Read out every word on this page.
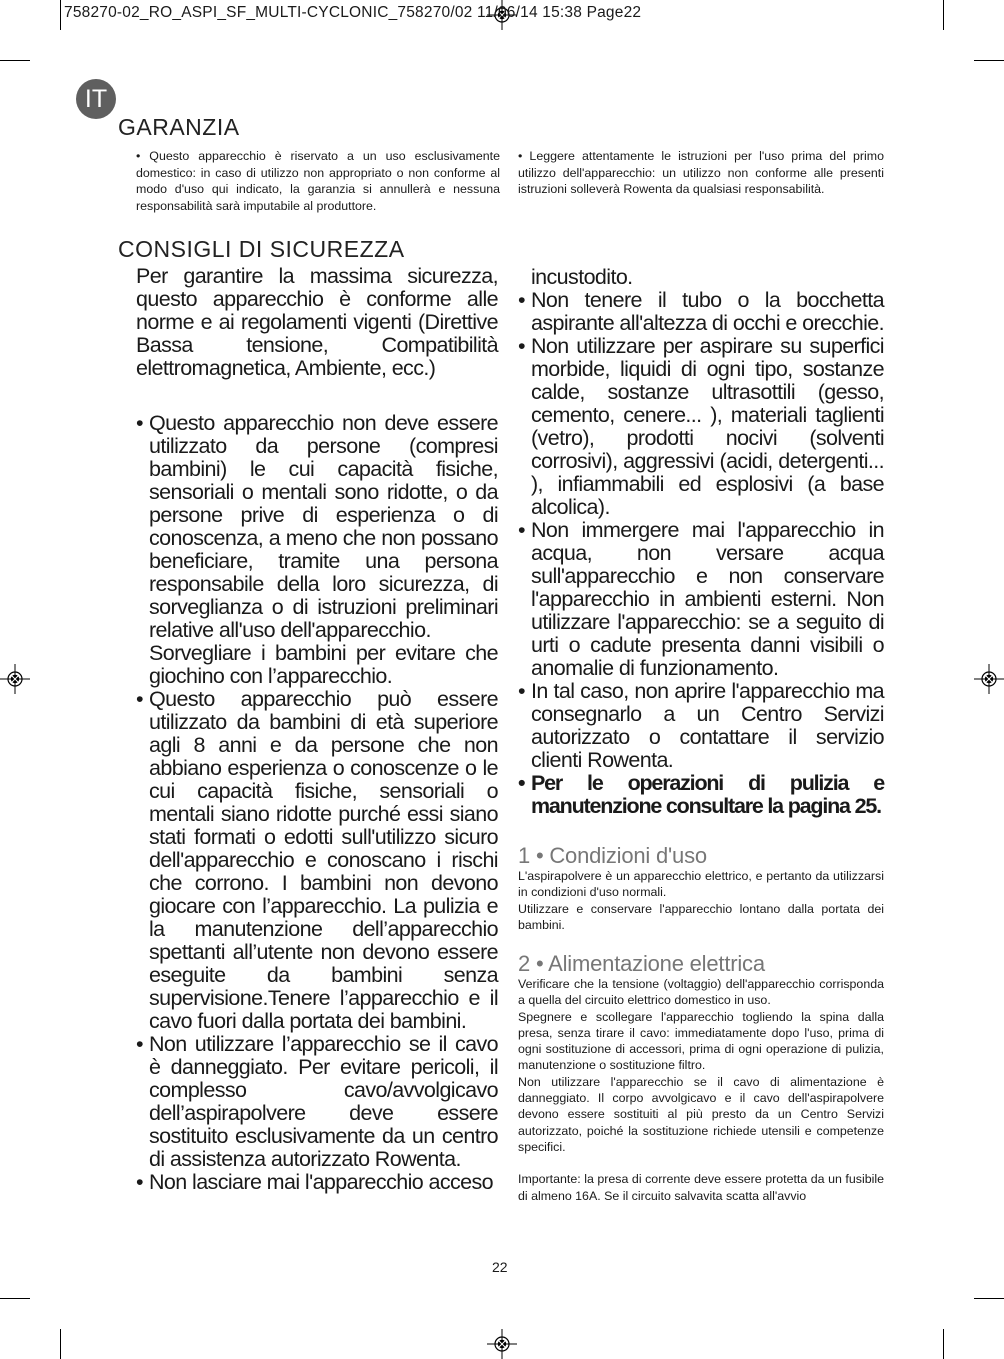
758270-02_RO_ASPI_SF_MULTI-CYCLONIC_758270/02 11/06/14 15:38 Page22
IT
GARANZIA
• Questo apparecchio è riservato a un uso esclusivamente domestico: in caso di utilizzo non appropriato o non conforme al modo d'uso qui indicato, la garanzia si annullerà e nessuna responsabilità sarà imputabile al produttore.
• Leggere attentamente le istruzioni per l'uso prima del primo utilizzo dell'apparecchio: un utilizzo non conforme alle presenti istruzioni solleverà Rowenta da qualsiasi responsabilità.
CONSIGLI DI SICUREZZA

Per garantire la massima sicurezza, questo apparecchio è conforme alle norme e ai regolamenti vigenti (Direttive Bassa tensione, Compatibilità elettromagnetica, Ambiente, ecc.)

• Questo apparecchio non deve essere utilizzato da persone (compresi bambini) le cui capacità fisiche, sensoriali o mentali sono ridotte, o da persone prive di esperienza o di conoscenza, a meno che non possano beneficiare, tramite una persona responsabile della loro sicurezza, di sorveglianza o di istruzioni preliminari relative all'uso dell'apparecchio.

Sorvegliare i bambini per evitare che giochino con l’apparecchio.

• Questo apparecchio può essere utilizzato da bambini di età superiore agli 8 anni e da persone che non abbiano esperienza o conoscenze o le cui capacità fisiche, sensoriali o mentali siano ridotte purché essi siano stati formati o edotti sull'utilizzo sicuro dell'apparecchio e conoscano i rischi che corrono. I bambini non devono giocare con l’apparecchio. La pulizia e la manutenzione dell’apparecchio spettanti all’utente non devono essere eseguite da bambini senza supervisione.Tenere l’apparecchio e il cavo fuori dalla portata dei bambini.

• Non utilizzare l’apparecchio se il cavo è danneggiato. Per evitare pericoli, il complesso cavo/avvolgicavo dell’aspirapolvere deve essere sostituito esclusivamente da un centro di assistenza autorizzato Rowenta.

• Non lasciare mai l'apparecchio acceso

incustodito.

• Non tenere il tubo o la bocchetta aspirante all'altezza di occhi e orecchie.

• Non utilizzare per aspirare su superfici morbide, liquidi di ogni tipo, sostanze calde, sostanze ultrasottili (gesso, cemento, cenere... ), materiali taglienti (vetro), prodotti nocivi (solventi corrosivi), aggressivi (acidi, detergenti... ), infiammabili ed esplosivi (a base alcolica).

• Non immergere mai l'apparecchio in acqua, non versare acqua sull'apparecchio e non conservare l'apparecchio in ambienti esterni. Non utilizzare l'apparecchio: se a seguito di urti o cadute presenta danni visibili o anomalie di funzionamento.

• In tal caso, non aprire l'apparecchio ma consegnarlo a un Centro Servizi autorizzato o contattare il servizio clienti Rowenta.

• Per le operazioni di pulizia e manutenzione consultare la pagina 25.

1 • Condizioni d'uso

L'aspirapolvere è un apparecchio elettrico, e pertanto da utilizzarsi in condizioni d'uso normali.

Utilizzare e conservare l'apparecchio lontano dalla portata dei bambini.

2 • Alimentazione elettrica

Verificare che la tensione (voltaggio) dell'apparecchio corrisponda a quella del circuito elettrico domestico in uso.

Spegnere e scollegare l'apparecchio togliendo la spina dalla presa, senza tirare il cavo: immediatamente dopo l'uso, prima di ogni sostituzione di accessori, prima di ogni operazione di pulizia, manutenzione o sostituzione filtro.

Non utilizzare l'apparecchio se il cavo di alimentazione è danneggiato. Il corpo avvolgicavo e il cavo dell'aspirapolvere devono essere sostituiti al più presto da un Centro Servizi autorizzato, poiché la sostituzione richiede utensili e competenze specifici.

Importante: la presa di corrente deve essere protetta da un fusibile di almeno 16A. Se il circuito salvavita scatta all'avvio

22
